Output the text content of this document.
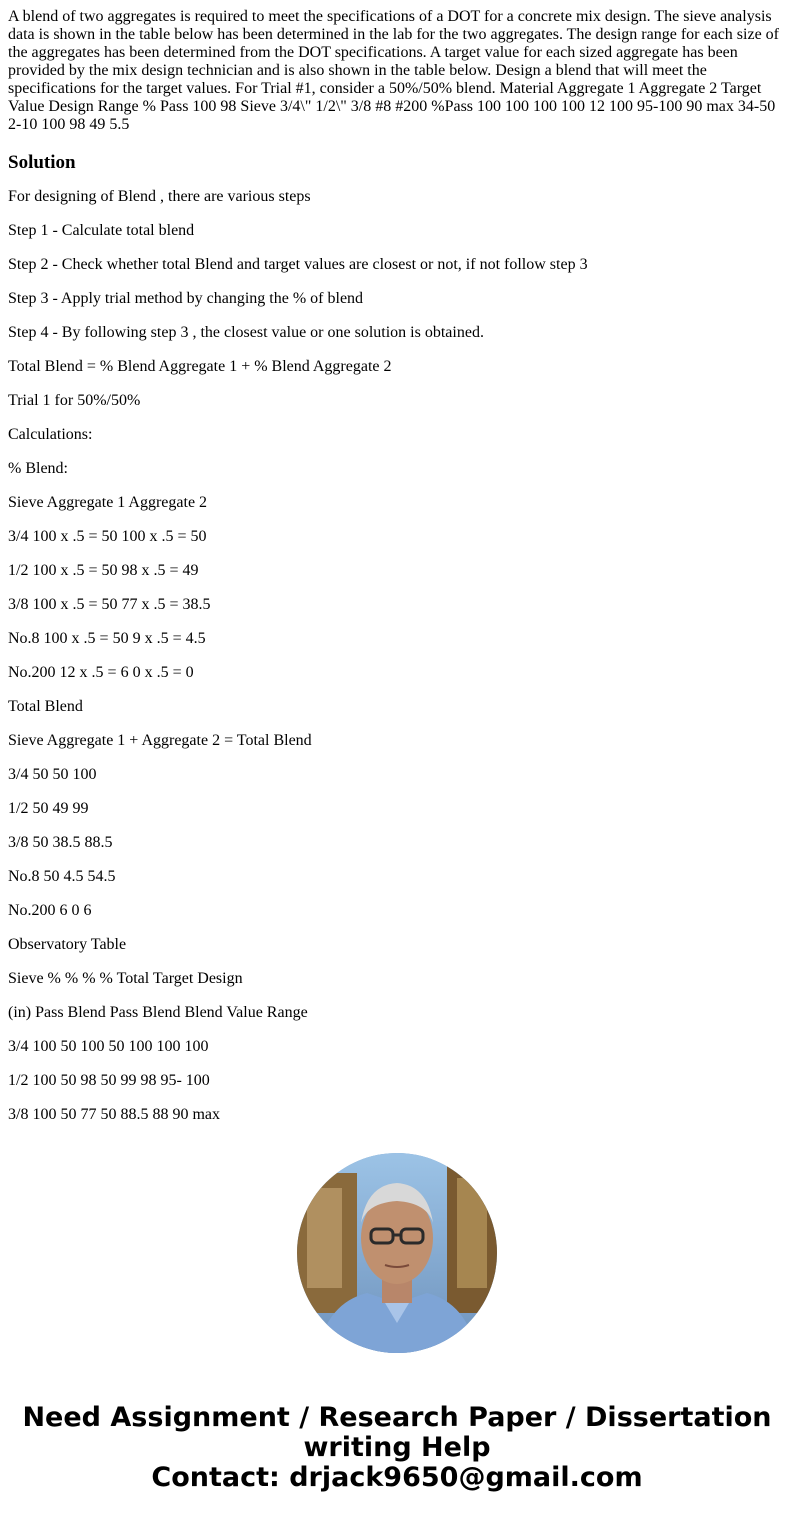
A blend of two aggregates is required to meet the specifications of a DOT for a concrete mix design. The sieve analysis data is shown in the table below has been determined in the lab for the two aggregates. The design range for each size of the aggregates has been determined from the DOT specifications. A target value for each sized aggregate has been provided by the mix design technician and is also shown in the table below. Design a blend that will meet the specifications for the target values. For Trial #1, consider a 50%/50% blend. Material Aggregate 1 Aggregate 2 Target Value Design Range % Pass 100 98 Sieve 3/4\" 1/2\" 3/8 #8 #200 %Pass 100 100 100 100 12 100 95-100 90 max 34-50 2-10 100 98 49 5.5

Solution

For designing of Blend , there are various steps

Step 1 - Calculate total blend

Step 2 - Check whether total Blend and target values are closest or not, if not follow step 3

Step 3 - Apply trial method by changing the % of blend

Step 4 - By following step 3 , the closest value or one solution is obtained.

Total Blend = % Blend Aggregate 1 + % Blend Aggregate 2

Trial 1 for 50%/50%

Calculations:

% Blend:

Sieve Aggregate 1 Aggregate 2

3/4 100 x .5 = 50 100 x .5 = 50

1/2 100 x .5 = 50 98 x .5 = 49

3/8 100 x .5 = 50 77 x .5 = 38.5

No.8 100 x .5 = 50 9 x .5 = 4.5

No.200 12 x .5 = 6 0 x .5 = 0

Total Blend

Sieve Aggregate 1 + Aggregate 2 = Total Blend

3/4 50 50 100

1/2 50 49 99

3/8 50 38.5 88.5

No.8 50 4.5 54.5

No.200 6 0 6

Observatory Table

Sieve % % % % Total Target Design

(in) Pass Blend Pass Blend Blend Value Range

3/4 100 50 100 50 100 100 100

1/2 100 50 98 50 99 98 95- 100

3/8 100 50 77 50 88.5 88 90 max

Need Assignment / Research Paper / Dissertation
writing Help
Contact: drjack9650@gmail.com
